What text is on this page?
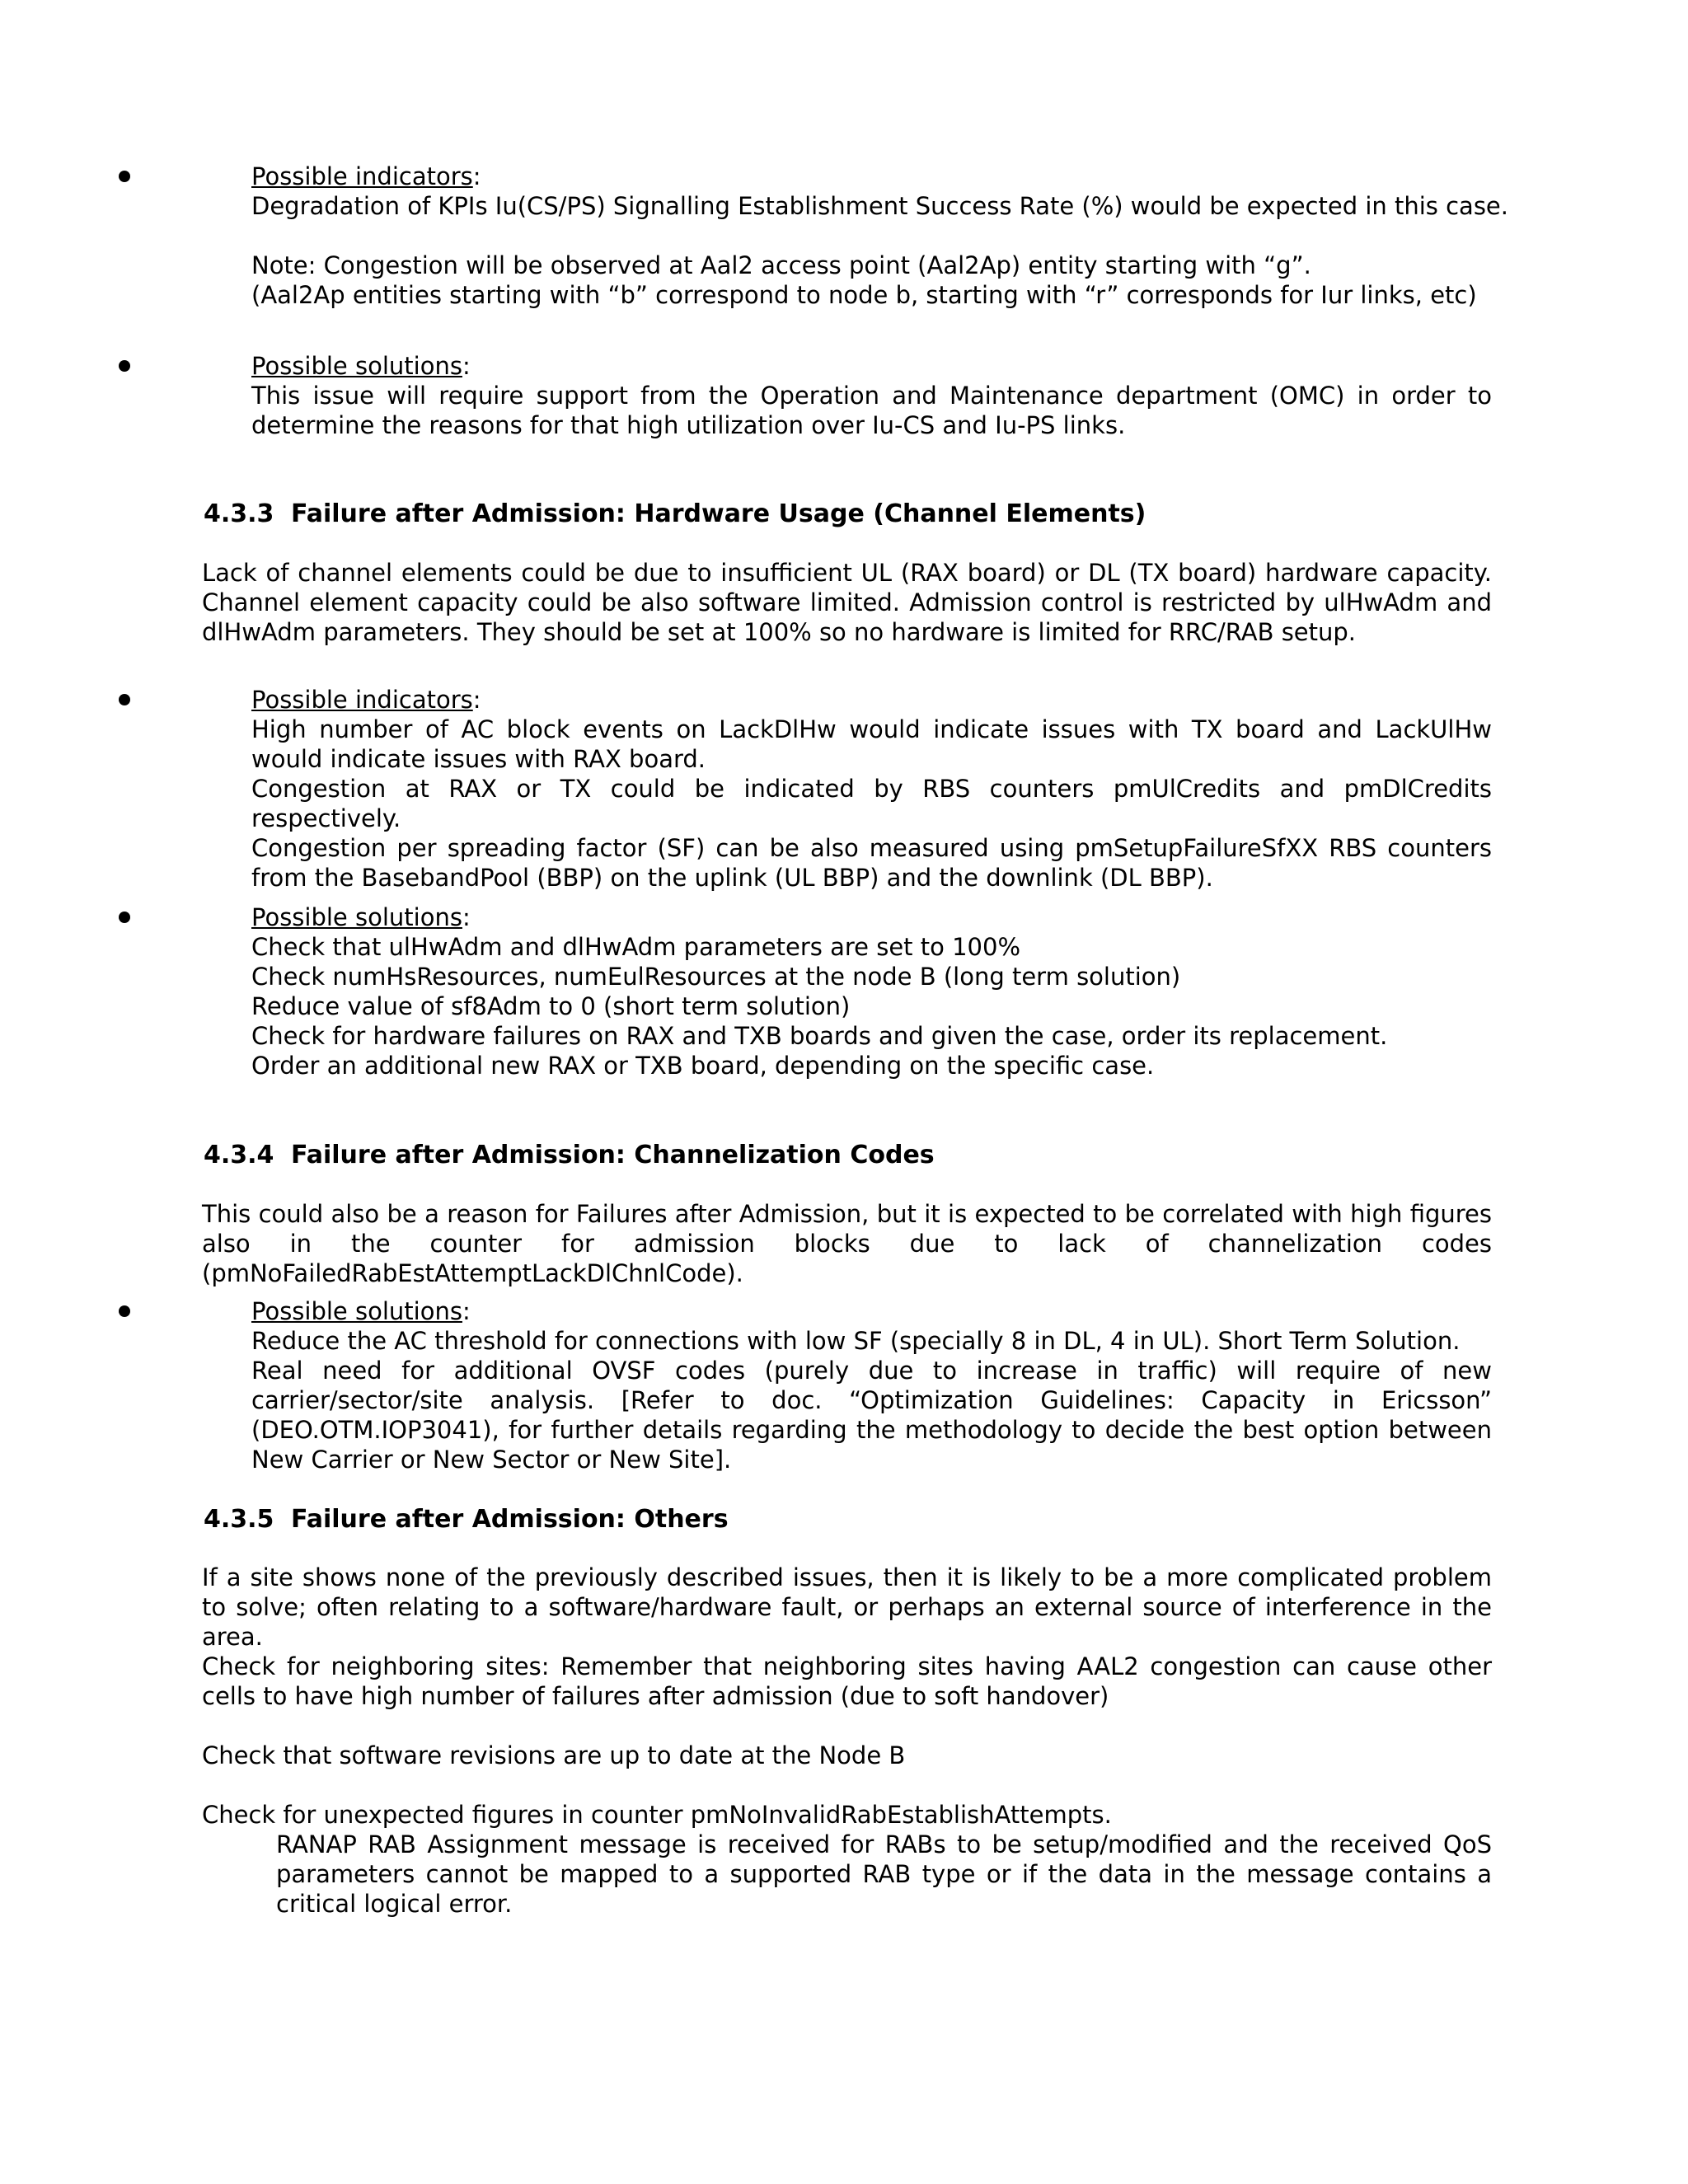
Possible indicators:
Degradation of KPIs Iu(CS/PS) Signalling Establishment Success Rate (%) would be expected in this case.
Note: Congestion will be observed at Aal2 access point (Aal2Ap) entity starting with “g”.
(Aal2Ap entities starting with “b” correspond to node b, starting with “r” corresponds for Iur links, etc)
Possible solutions:
This issue will require support from the Operation and Maintenance department (OMC) in order to determine the reasons for that high utilization over Iu-CS and Iu-PS links.
4.3.3 Failure after Admission: Hardware Usage (Channel Elements)
Lack of channel elements could be due to insufficient UL (RAX board) or DL (TX board) hardware capacity. Channel element capacity could be also software limited. Admission control is restricted by ulHwAdm and dlHwAdm parameters. They should be set at 100% so no hardware is limited for RRC/RAB setup.
Possible indicators:
High number of AC block events on LackDlHw would indicate issues with TX board and LackUlHw would indicate issues with RAX board.
Congestion at RAX or TX could be indicated by RBS counters pmUlCredits and pmDlCredits respectively.
Congestion per spreading factor (SF) can be also measured using pmSetupFailureSfXX RBS counters from the BasebandPool (BBP) on the uplink (UL BBP) and the downlink (DL BBP).
Possible solutions:
Check that ulHwAdm and dlHwAdm parameters are set to 100%
Check numHsResources, numEulResources at the node B (long term solution)
Reduce value of sf8Adm to 0 (short term solution)
Check for hardware failures on RAX and TXB boards and given the case, order its replacement.
Order an additional new RAX or TXB board, depending on the specific case.
4.3.4 Failure after Admission: Channelization Codes
This could also be a reason for Failures after Admission, but it is expected to be correlated with high figures also in the counter for admission blocks due to lack of channelization codes (pmNoFailedRabEstAttemptLackDlChnlCode).
Possible solutions:
Reduce the AC threshold for connections with low SF (specially 8 in DL, 4 in UL). Short Term Solution.
Real need for additional OVSF codes (purely due to increase in traffic) will require of new carrier/sector/site analysis. [Refer to doc. “Optimization Guidelines: Capacity in Ericsson” (DEO.OTM.IOP3041), for further details regarding the methodology to decide the best option between New Carrier or New Sector or New Site].
4.3.5 Failure after Admission: Others
If a site shows none of the previously described issues, then it is likely to be a more complicated problem to solve; often relating to a software/hardware fault, or perhaps an external source of interference in the area.
Check for neighboring sites: Remember that neighboring sites having AAL2 congestion can cause other cells to have high number of failures after admission (due to soft handover)
Check that software revisions are up to date at the Node B
Check for unexpected figures in counter pmNoInvalidRabEstablishAttempts.
RANAP RAB Assignment message is received for RABs to be setup/modified and the received QoS parameters cannot be mapped to a supported RAB type or if the data in the message contains a critical logical error.
